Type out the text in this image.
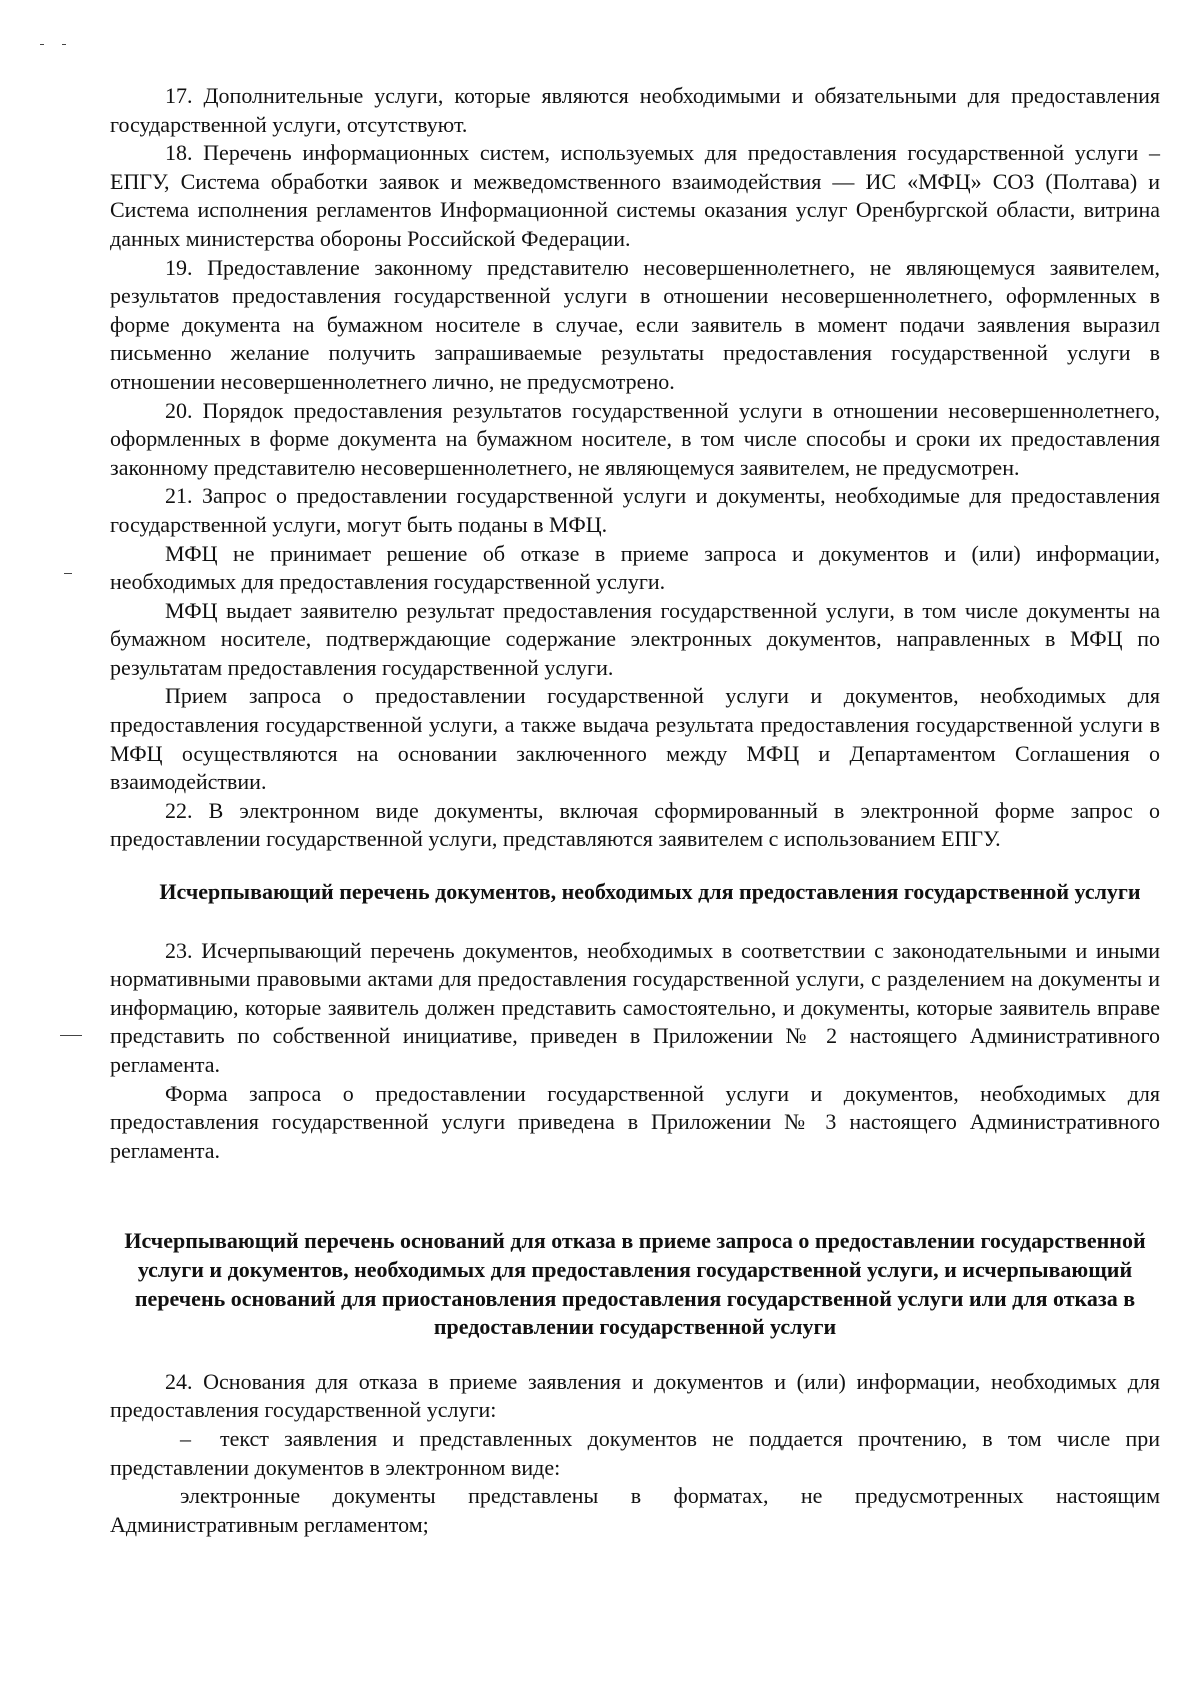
17. Дополнительные услуги, которые являются необходимыми и обязательными для предоставления государственной услуги, отсутствуют.

18. Перечень информационных систем, используемых для предоставления государственной услуги – ЕПГУ, Система обработки заявок и межведомственного взаимодействия — ИС «МФЦ» СОЗ (Полтава) и Система исполнения регламентов Информационной системы оказания услуг Оренбургской области, витрина данных министерства обороны Российской Федерации.

19. Предоставление законному представителю несовершеннолетнего, не являющемуся заявителем, результатов предоставления государственной услуги в отношении несовершеннолетнего, оформленных в форме документа на бумажном носителе в случае, если заявитель в момент подачи заявления выразил письменно желание получить запрашиваемые результаты предоставления государственной услуги в отношении несовершеннолетнего лично, не предусмотрено.

20. Порядок предоставления результатов государственной услуги в отношении несовершеннолетнего, оформленных в форме документа на бумажном носителе, в том числе способы и сроки их предоставления законному представителю несовершеннолетнего, не являющемуся заявителем, не предусмотрен.

21. Запрос о предоставлении государственной услуги и документы, необходимые для предоставления государственной услуги, могут быть поданы в МФЦ.

МФЦ не принимает решение об отказе в приеме запроса и документов и (или) информации, необходимых для предоставления государственной услуги.

МФЦ выдает заявителю результат предоставления государственной услуги, в том числе документы на бумажном носителе, подтверждающие содержание электронных документов, направленных в МФЦ по результатам предоставления государственной услуги.

Прием запроса о предоставлении государственной услуги и документов, необходимых для предоставления государственной услуги, а также выдача результата предоставления государственной услуги в МФЦ осуществляются на основании заключенного между МФЦ и Департаментом Соглашения о взаимодействии.

22. В электронном виде документы, включая сформированный в электронной форме запрос о предоставлении государственной услуги, представляются заявителем с использованием ЕПГУ.

Исчерпывающий перечень документов, необходимых для предоставления государственной услуги

23. Исчерпывающий перечень документов, необходимых в соответствии с законодательными и иными нормативными правовыми актами для предоставления государственной услуги, с разделением на документы и информацию, которые заявитель должен представить самостоятельно, и документы, которые заявитель вправе представить по собственной инициативе, приведен в Приложении № 2 настоящего Административного регламента.

Форма запроса о предоставлении государственной услуги и документов, необходимых для предоставления государственной услуги приведена в Приложении № 3 настоящего Административного регламента.

Исчерпывающий перечень оснований для отказа в приеме запроса о предоставлении государственной услуги и документов, необходимых для предоставления государственной услуги, и исчерпывающий перечень оснований для приостановления предоставления государственной услуги или для отказа в предоставлении государственной услуги

24. Основания для отказа в приеме заявления и документов и (или) информации, необходимых для предоставления государственной услуги:

– текст заявления и представленных документов не поддается прочтению, в том числе при представлении документов в электронном виде:

электронные документы представлены в форматах, не предусмотренных настоящим Административным регламентом;
